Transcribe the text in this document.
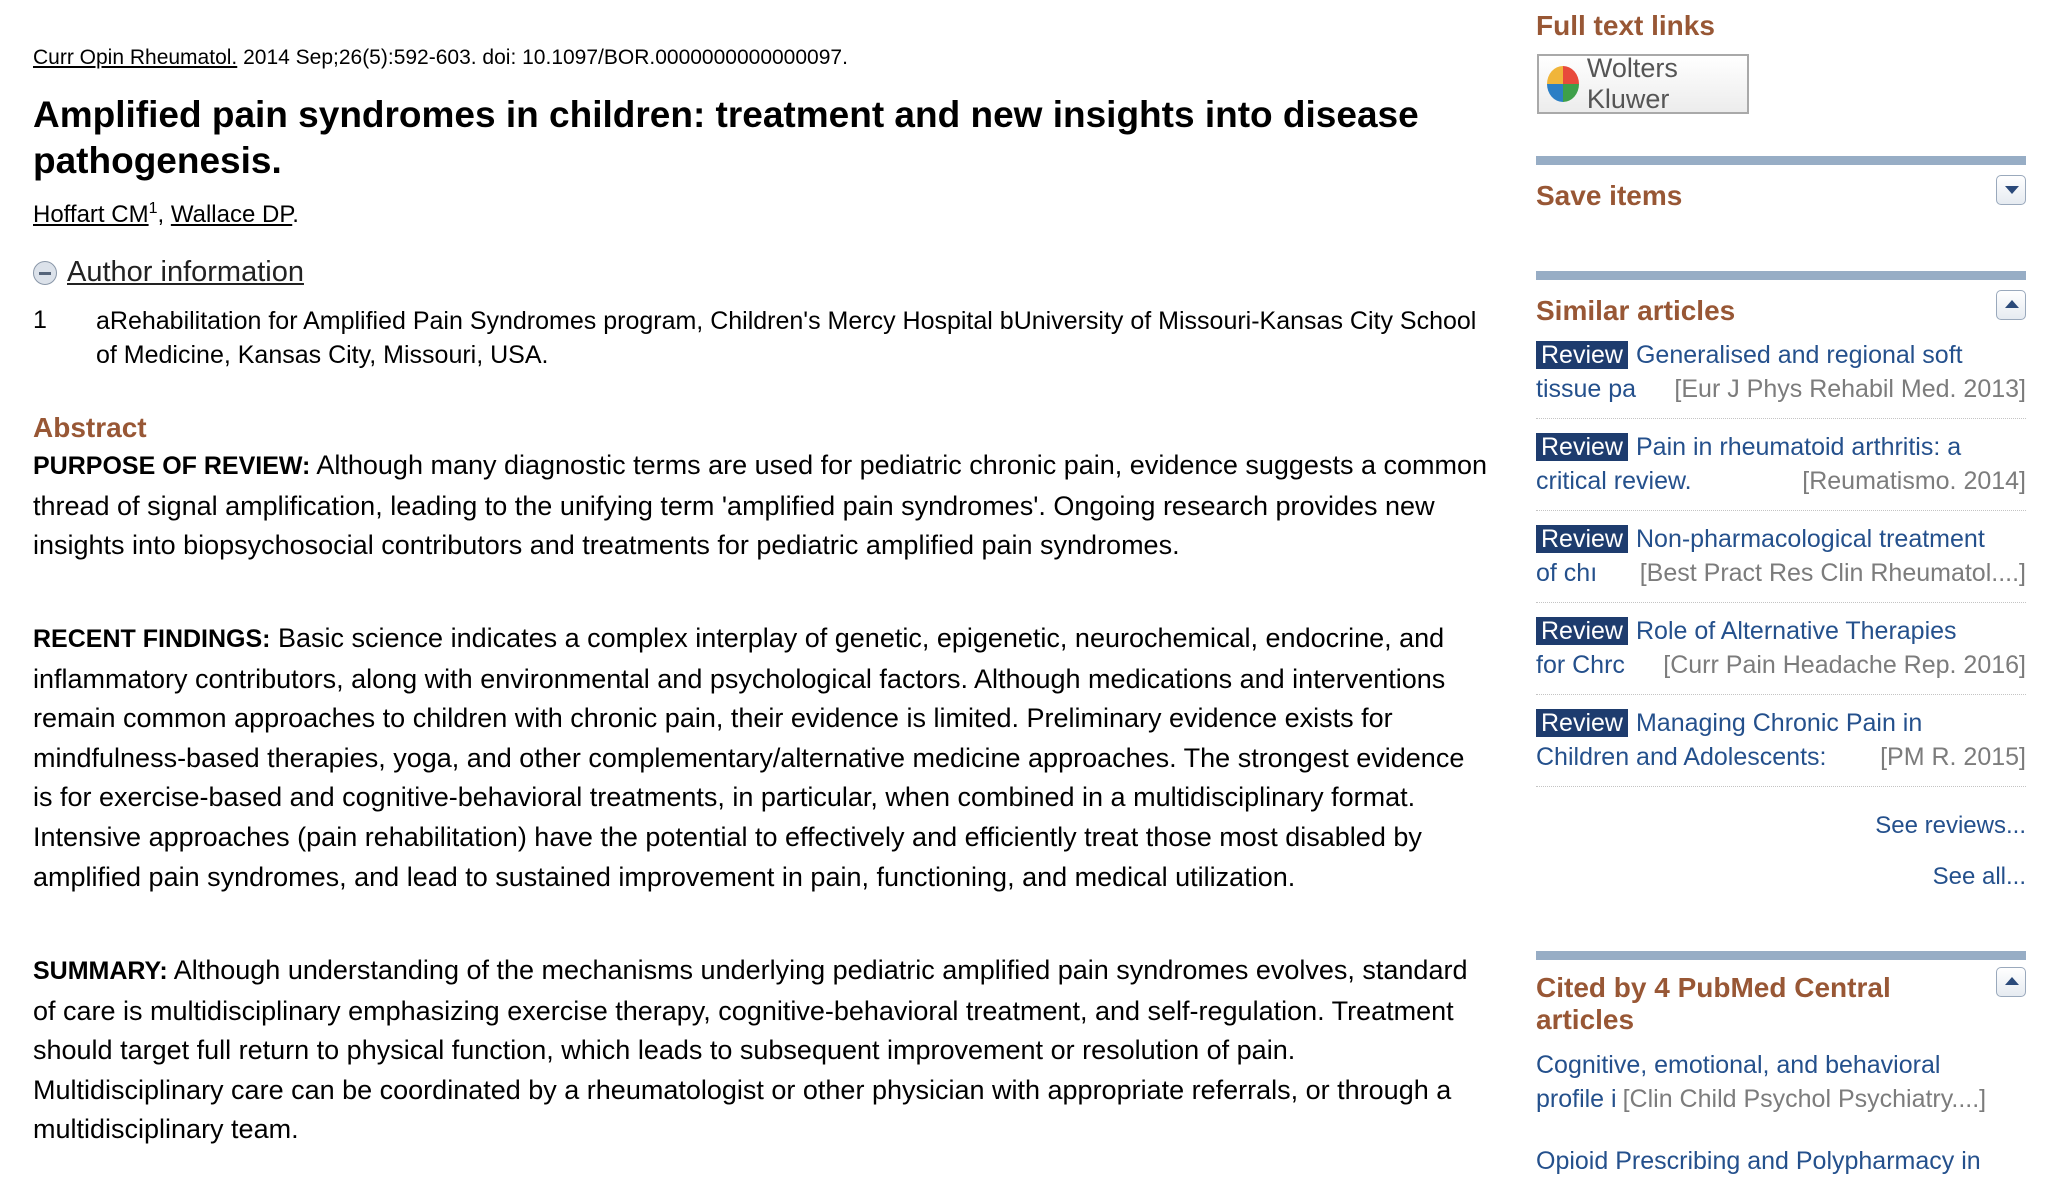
Curr Opin Rheumatol. 2014 Sep;26(5):592-603. doi: 10.1097/BOR.0000000000000097.
Amplified pain syndromes in children: treatment and new insights into disease pathogenesis.
Hoffart $CM^1$, Wallace DP.
Author information
1 aRehabilitation for Amplified Pain Syndromes program, Children's Mercy Hospital bUniversity of Missouri-Kansas City School of Medicine, Kansas City, Missouri, USA.

Abstract

PURPOSE OF REVIEW: Although many diagnostic terms are used for pediatric chronic pain, evidence suggests a common thread of signal amplification, leading to the unifying term 'amplified pain syndromes'. Ongoing research provides new insights into biopsychosocial contributors and treatments for pediatric amplified pain syndromes.

RECENT FINDINGS: Basic science indicates a complex interplay of genetic, epigenetic, neurochemical, endocrine, and inflammatory contributors, along with environmental and psychological factors. Although medications and interventions remain common approaches to children with chronic pain, their evidence is limited. Preliminary evidence exists for mindfulness-based therapies, yoga, and other complementary/alternative medicine approaches. The strongest evidence is for exercise-based and cognitive-behavioral treatments, in particular, when combined in a multidisciplinary format. Intensive approaches (pain rehabilitation) have the potential to effectively and efficiently treat those most disabled by amplified pain syndromes, and lead to sustained improvement in pain, functioning, and medical utilization.

SUMMARY: Although understanding of the mechanisms underlying pediatric amplified pain syndromes evolves, standard of care is multidisciplinary emphasizing exercise therapy, cognitive-behavioral treatment, and self-regulation. Treatment should target full return to physical function, which leads to subsequent improvement or resolution of pain. Multidisciplinary care can be coordinated by a rheumatologist or other physician with appropriate referrals, or through a multidisciplinary team.

Full text links
Wolters Kluwer
Save items
Similar articles
Review Generalised and regional soft
tissue pa	[Eur J Phys Rehabil Med. 2013]
Review Pain in rheumatoid arthritis: a
critical review.	[Reumatismo. 2014]
Review Non-pharmacological treatment
of chı	[Best Pract Res Clin Rheumatol....]
Review Role of Alternative Therapies
for Chrc	[Curr Pain Headache Rep. 2016]
Review Managing Chronic Pain in
Children and Adolescents:	[PM R. 2015]
See reviews...
See all...
Cited by 4 PubMed Central articles
Cognitive, emotional, and behavioral
profile i [Clin Child Psychol Psychiatry....]
Opioid Prescribing and Polypharmacy in
